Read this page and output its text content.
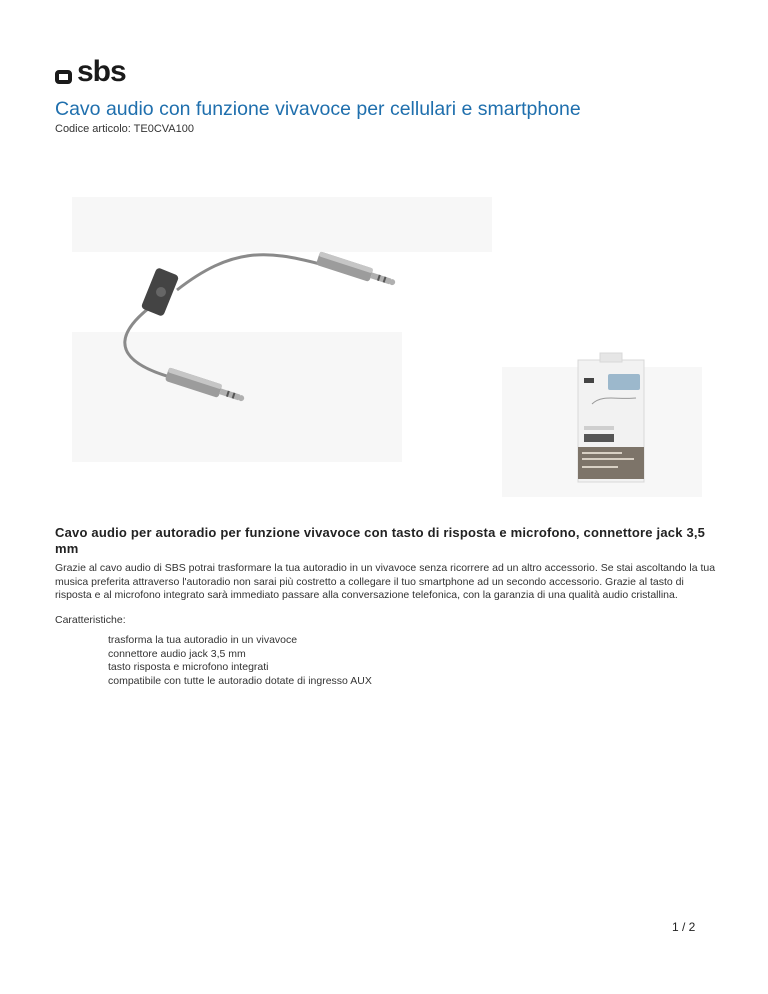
sbs
Cavo audio con funzione vivavoce per cellulari e smartphone
Codice articolo: TE0CVA100
Cavo audio per autoradio per funzione vivavoce con tasto di risposta e microfono, connettore jack 3,5 mm

Grazie al cavo audio di SBS potrai trasformare la tua autoradio in un vivavoce senza ricorrere ad un altro accessorio. Se stai ascoltando la tua musica preferita attraverso l'autoradio non sarai più costretto a collegare il tuo smartphone ad un secondo accessorio. Grazie al tasto di risposta e al microfono integrato sarà immediato passare alla conversazione telefonica, con la garanzia di una qualità audio cristallina.

Caratteristiche:
trasforma la tua autoradio in un vivavoce
connettore audio jack 3,5 mm
tasto risposta e microfono integrati
compatibile con tutte le autoradio dotate di ingresso AUX
1 / 2
